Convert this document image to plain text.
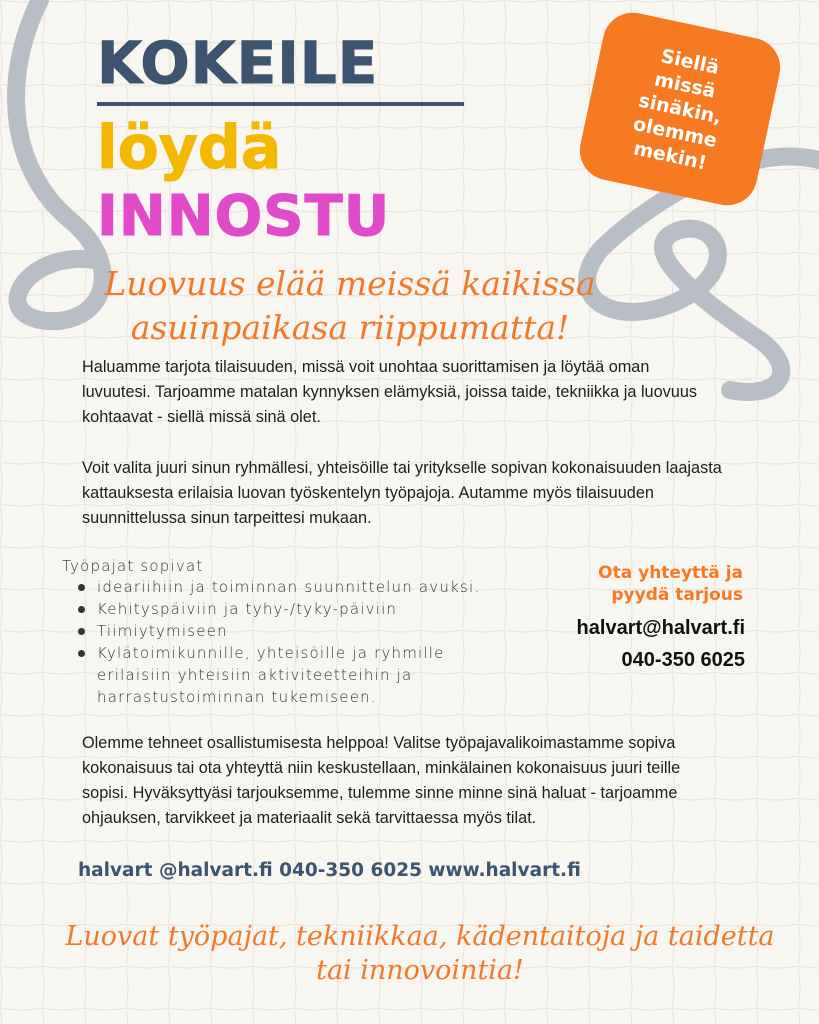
KOKEILE
löydä
INNOSTU
Siellä
missä
sinäkin,
olemme
mekin!
Luovuus elää meissä kaikissa asuinpaikasa riippumatta!
Haluamme tarjota tilaisuuden, missä voit unohtaa suorittamisen ja löytää oman luvuutesi. Tarjoamme matalan kynnyksen elämyksiä, joissa taide, tekniikka ja luovuus kohtaavat - siellä missä sinä olet.
Voit valita juuri sinun ryhmällesi, yhteisöille tai yritykselle sopivan kokonaisuuden laajasta kattauksesta erilaisia luovan työskentelyn työpajoja. Autamme myös tilaisuuden suunnittelussa sinun tarpeittesi mukaan.
Työpajat sopivat
ideariihiin ja toiminnan suunnittelun avuksi.
Kehityspäiviin ja tyhy-/tyky-päiviin
Tiimiytymiseen
Kylätoimikunnille, yhteisöille ja ryhmille erilaisiin yhteisiin aktiviteetteihin ja harrastustoiminnan tukemiseen.
Ota yhteyttä ja
pyydä tarjous
halvart@halvart.fi
040-350 6025
Olemme tehneet osallistumisesta helppoa! Valitse työpajavalikoimastamme sopiva kokonaisuus tai ota yhteyttä niin keskustellaan, minkälainen kokonaisuus juuri teille sopisi. Hyväksyttyäsi tarjouksemme, tulemme sinne minne sinä haluat - tarjoamme ohjauksen, tarvikkeet ja materiaalit sekä tarvittaessa myös tilat.
halvart @halvart.fi 040-350 6025 www.halvart.fi
Luovat työpajat, tekniikkaa, kädentaitoja ja taidetta tai innovointia!
